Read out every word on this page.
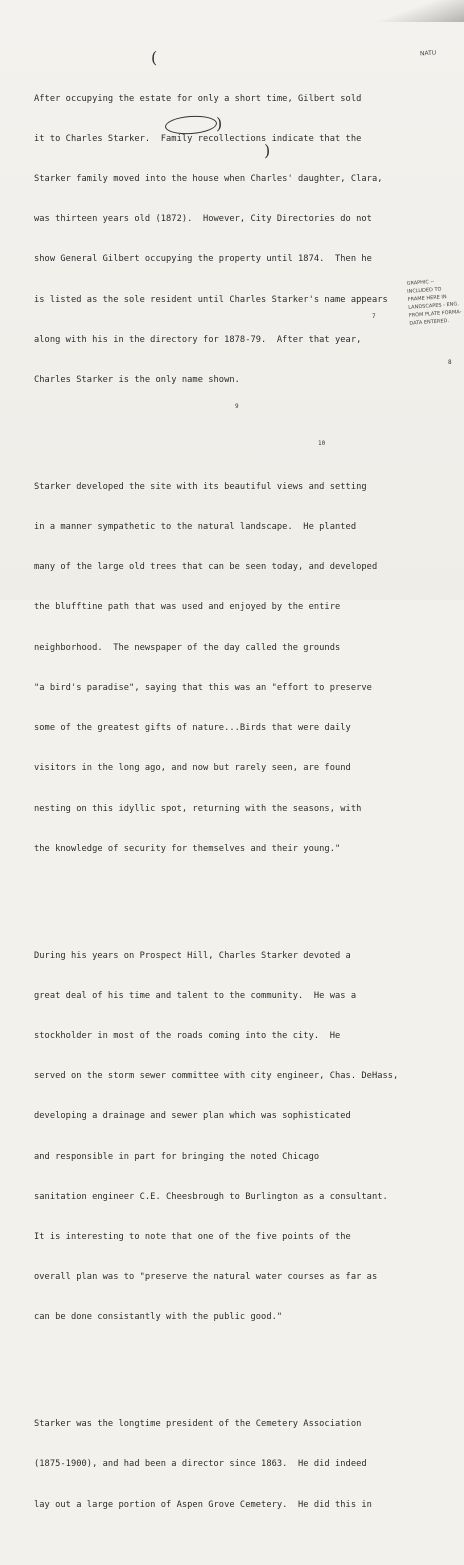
NATU

After occupying the estate for only a short time, Gilbert sold

it to Charles Starker.  Family recollections indicate that the

Starker family moved into the house when Charles' daughter, Clara,

was thirteen years old (1872).  However, City Directories do not

show General Gilbert occupying the property until 1874.  Then he

is listed as the sole resident until Charles Starker's name appears

along with his in the directory for 1878-79.  After that year,

Charles Starker is the only name shown.

Starker developed the site with its beautiful views and setting

in a manner sympathetic to the natural landscape.  He planted

many of the large old trees that can be seen today, and developed

the blufftine path that was used and enjoyed by the entire

neighborhood.  The newspaper of the day called the grounds

"a bird's paradise", saying that this was an "effort to preserve

some of the greatest gifts of nature...Birds that were daily

visitors in the long ago, and now but rarely seen, are found

nesting on this idyllic spot, returning with the seasons, with

the knowledge of security for themselves and their young."

During his years on Prospect Hill, Charles Starker devoted a

great deal of his time and talent to the community.  He was a

stockholder in most of the roads coming into the city.  He

served on the storm sewer committee with city engineer, Chas. DeHass,

developing a drainage and sewer plan which was sophisticated

and responsible in part for bringing the noted Chicago

sanitation engineer C.E. Cheesbrough to Burlington as a consultant.

It is interesting to note that one of the five points of the

overall plan was to "preserve the natural water courses as far as

can be done consistantly with the public good."

Starker was the longtime president of the Cemetery Association

(1875-1900), and had been a director since 1863.  He did indeed

lay out a large portion of Aspen Grove Cemetery.  He did this in

(
)
)
7
8
9
10
GRAPHIC --
INCLUDED TO
FRAME HERE IN
LANDSCAPES - ENG.
FROM PLATE FORMA-
DATA ENTERED.
